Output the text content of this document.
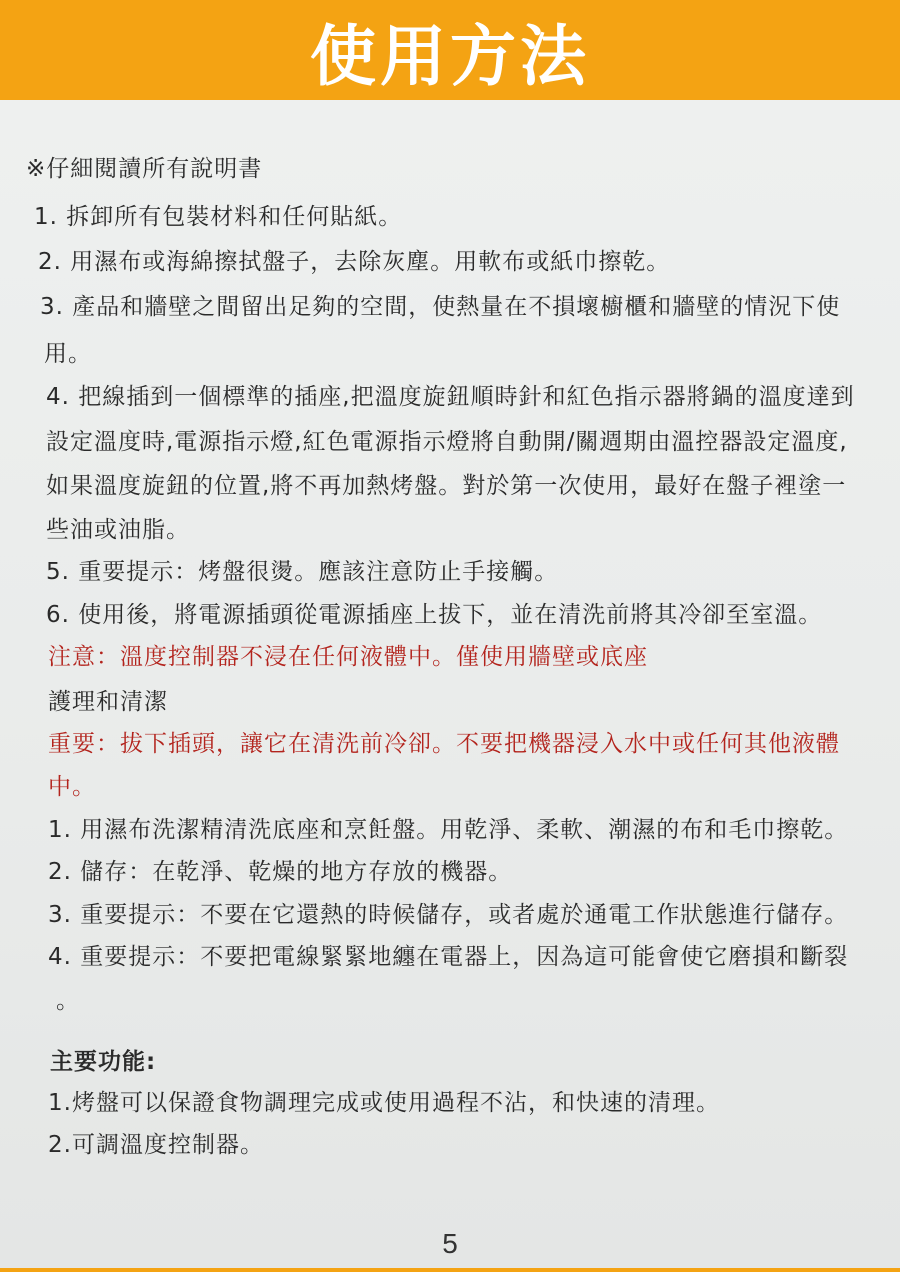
使用方法
※仔細閱讀所有說明書
1. 拆卸所有包裝材料和任何貼紙。
2. 用濕布或海綿擦拭盤子，去除灰塵。用軟布或紙巾擦乾。
3. 產品和牆壁之間留出足夠的空間，使熱量在不損壞櫥櫃和牆壁的情況下使
用。
4. 把線插到一個標準的插座,把溫度旋鈕順時針和紅色指示器將鍋的溫度達到
設定溫度時,電源指示燈,紅色電源指示燈將自動開/關週期由溫控器設定溫度,
如果溫度旋鈕的位置,將不再加熱烤盤。對於第一次使用，最好在盤子裡塗一
些油或油脂。
5. 重要提示：烤盤很燙。應該注意防止手接觸。
6. 使用後，將電源插頭從電源插座上拔下，並在清洗前將其冷卻至室溫。
注意：溫度控制器不浸在任何液體中。僅使用牆壁或底座
護理和清潔
重要：拔下插頭，讓它在清洗前冷卻。不要把機器浸入水中或任何其他液體
中。
1. 用濕布洗潔精清洗底座和烹飪盤。用乾淨、柔軟、潮濕的布和毛巾擦乾。
2. 儲存：在乾淨、乾燥的地方存放的機器。
3. 重要提示：不要在它還熱的時候儲存，或者處於通電工作狀態進行儲存。
4. 重要提示：不要把電線緊緊地纏在電器上，因為這可能會使它磨損和斷裂
。
主要功能:
1.烤盤可以保證食物調理完成或使用過程不沾，和快速的清理。
2.可調溫度控制器。
5
